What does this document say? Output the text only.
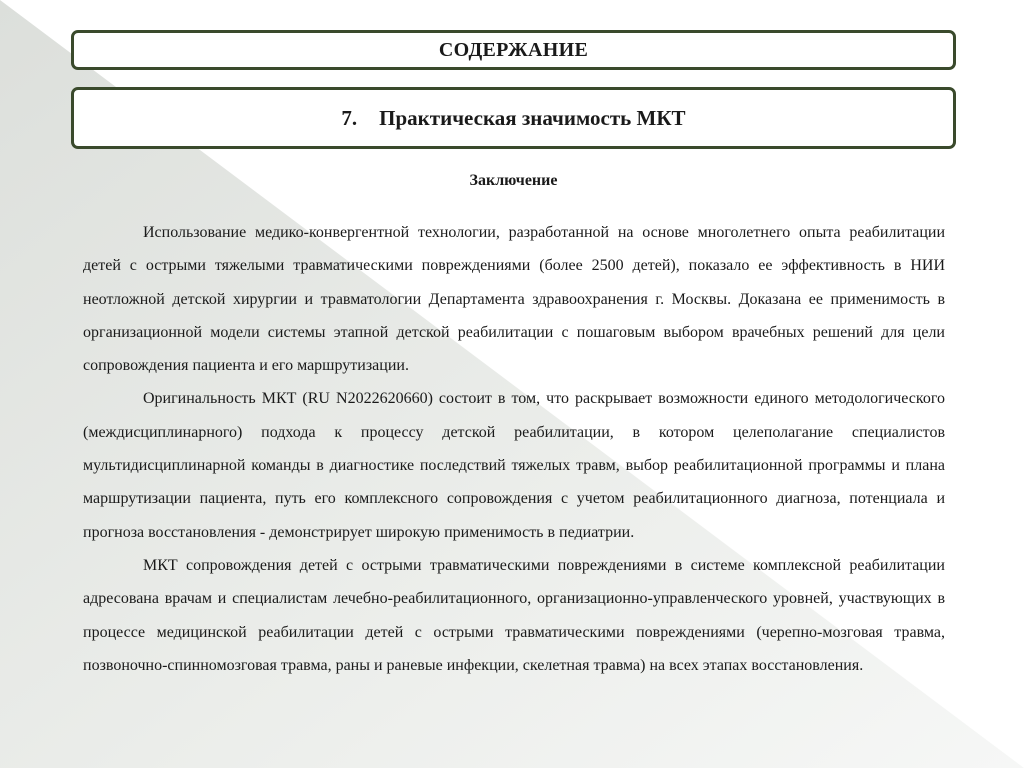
СОДЕРЖАНИЕ
7. Практическая значимость МКТ
Заключение

Использование медико-конвергентной технологии, разработанной на основе многолетнего опыта реабилитации детей с острыми тяжелыми травматическими повреждениями (более 2500 детей), показало ее эффективность в НИИ неотложной детской хирургии и травматологии Департамента здравоохранения г. Москвы. Доказана ее применимость в организационной модели системы этапной детской реабилитации с пошаговым выбором врачебных решений для цели сопровождения пациента и его маршрутизации.

Оригинальность МКТ (RU N2022620660) состоит в том, что раскрывает возможности единого методологического (междисциплинарного) подхода к процессу детской реабилитации, в котором целеполагание специалистов мультидисциплинарной команды в диагностике последствий тяжелых травм, выбор реабилитационной программы и плана маршрутизации пациента, путь его комплексного сопровождения с учетом реабилитационного диагноза, потенциала и прогноза восстановления - демонстрирует широкую применимость в педиатрии.

МКТ сопровождения детей с острыми травматическими повреждениями в системе комплексной реабилитации адресована врачам и специалистам лечебно-реабилитационного, организационно-управленческого уровней, участвующих в процессе медицинской реабилитации детей с острыми травматическими повреждениями (черепно-мозговая травма, позвоночно-спинномозговая травма, раны и раневые инфекции, скелетная травма) на всех этапах восстановления.
